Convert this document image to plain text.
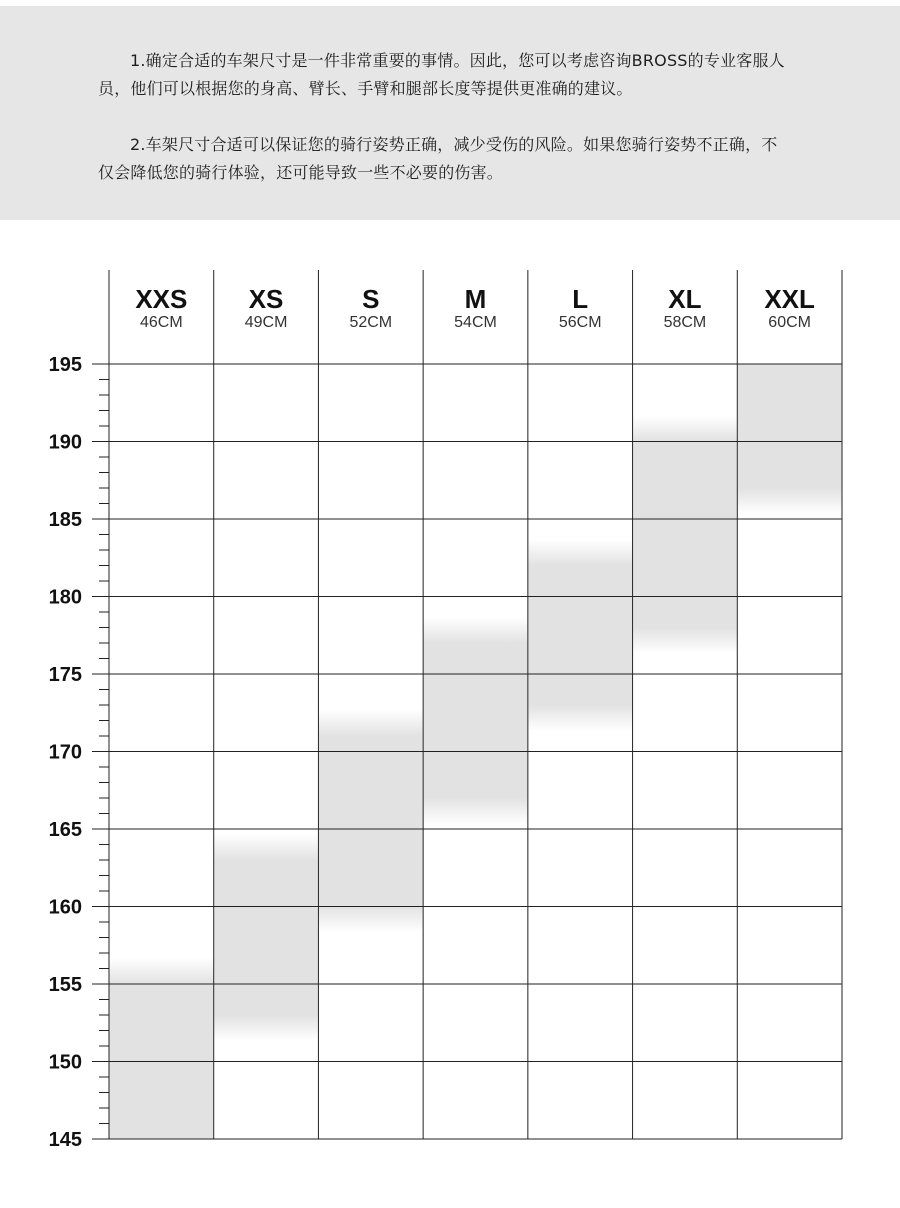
1.确定合适的车架尺寸是一件非常重要的事情。因此，您可以考虑咨询BROSS的专业客服人员，他们可以根据您的身高、臂长、手臂和腿部长度等提供更准确的建议。
2.车架尺寸合适可以保证您的骑行姿势正确，减少受伤的风险。如果您骑行姿势不正确，不仅会降低您的骑行体验，还可能导致一些不必要的伤害。
XXS
46CM
XS
49CM
S
52CM
M
54CM
L
56CM
XL
58CM
XXL
60CM
145
150
155
160
165
170
175
180
185
190
195
